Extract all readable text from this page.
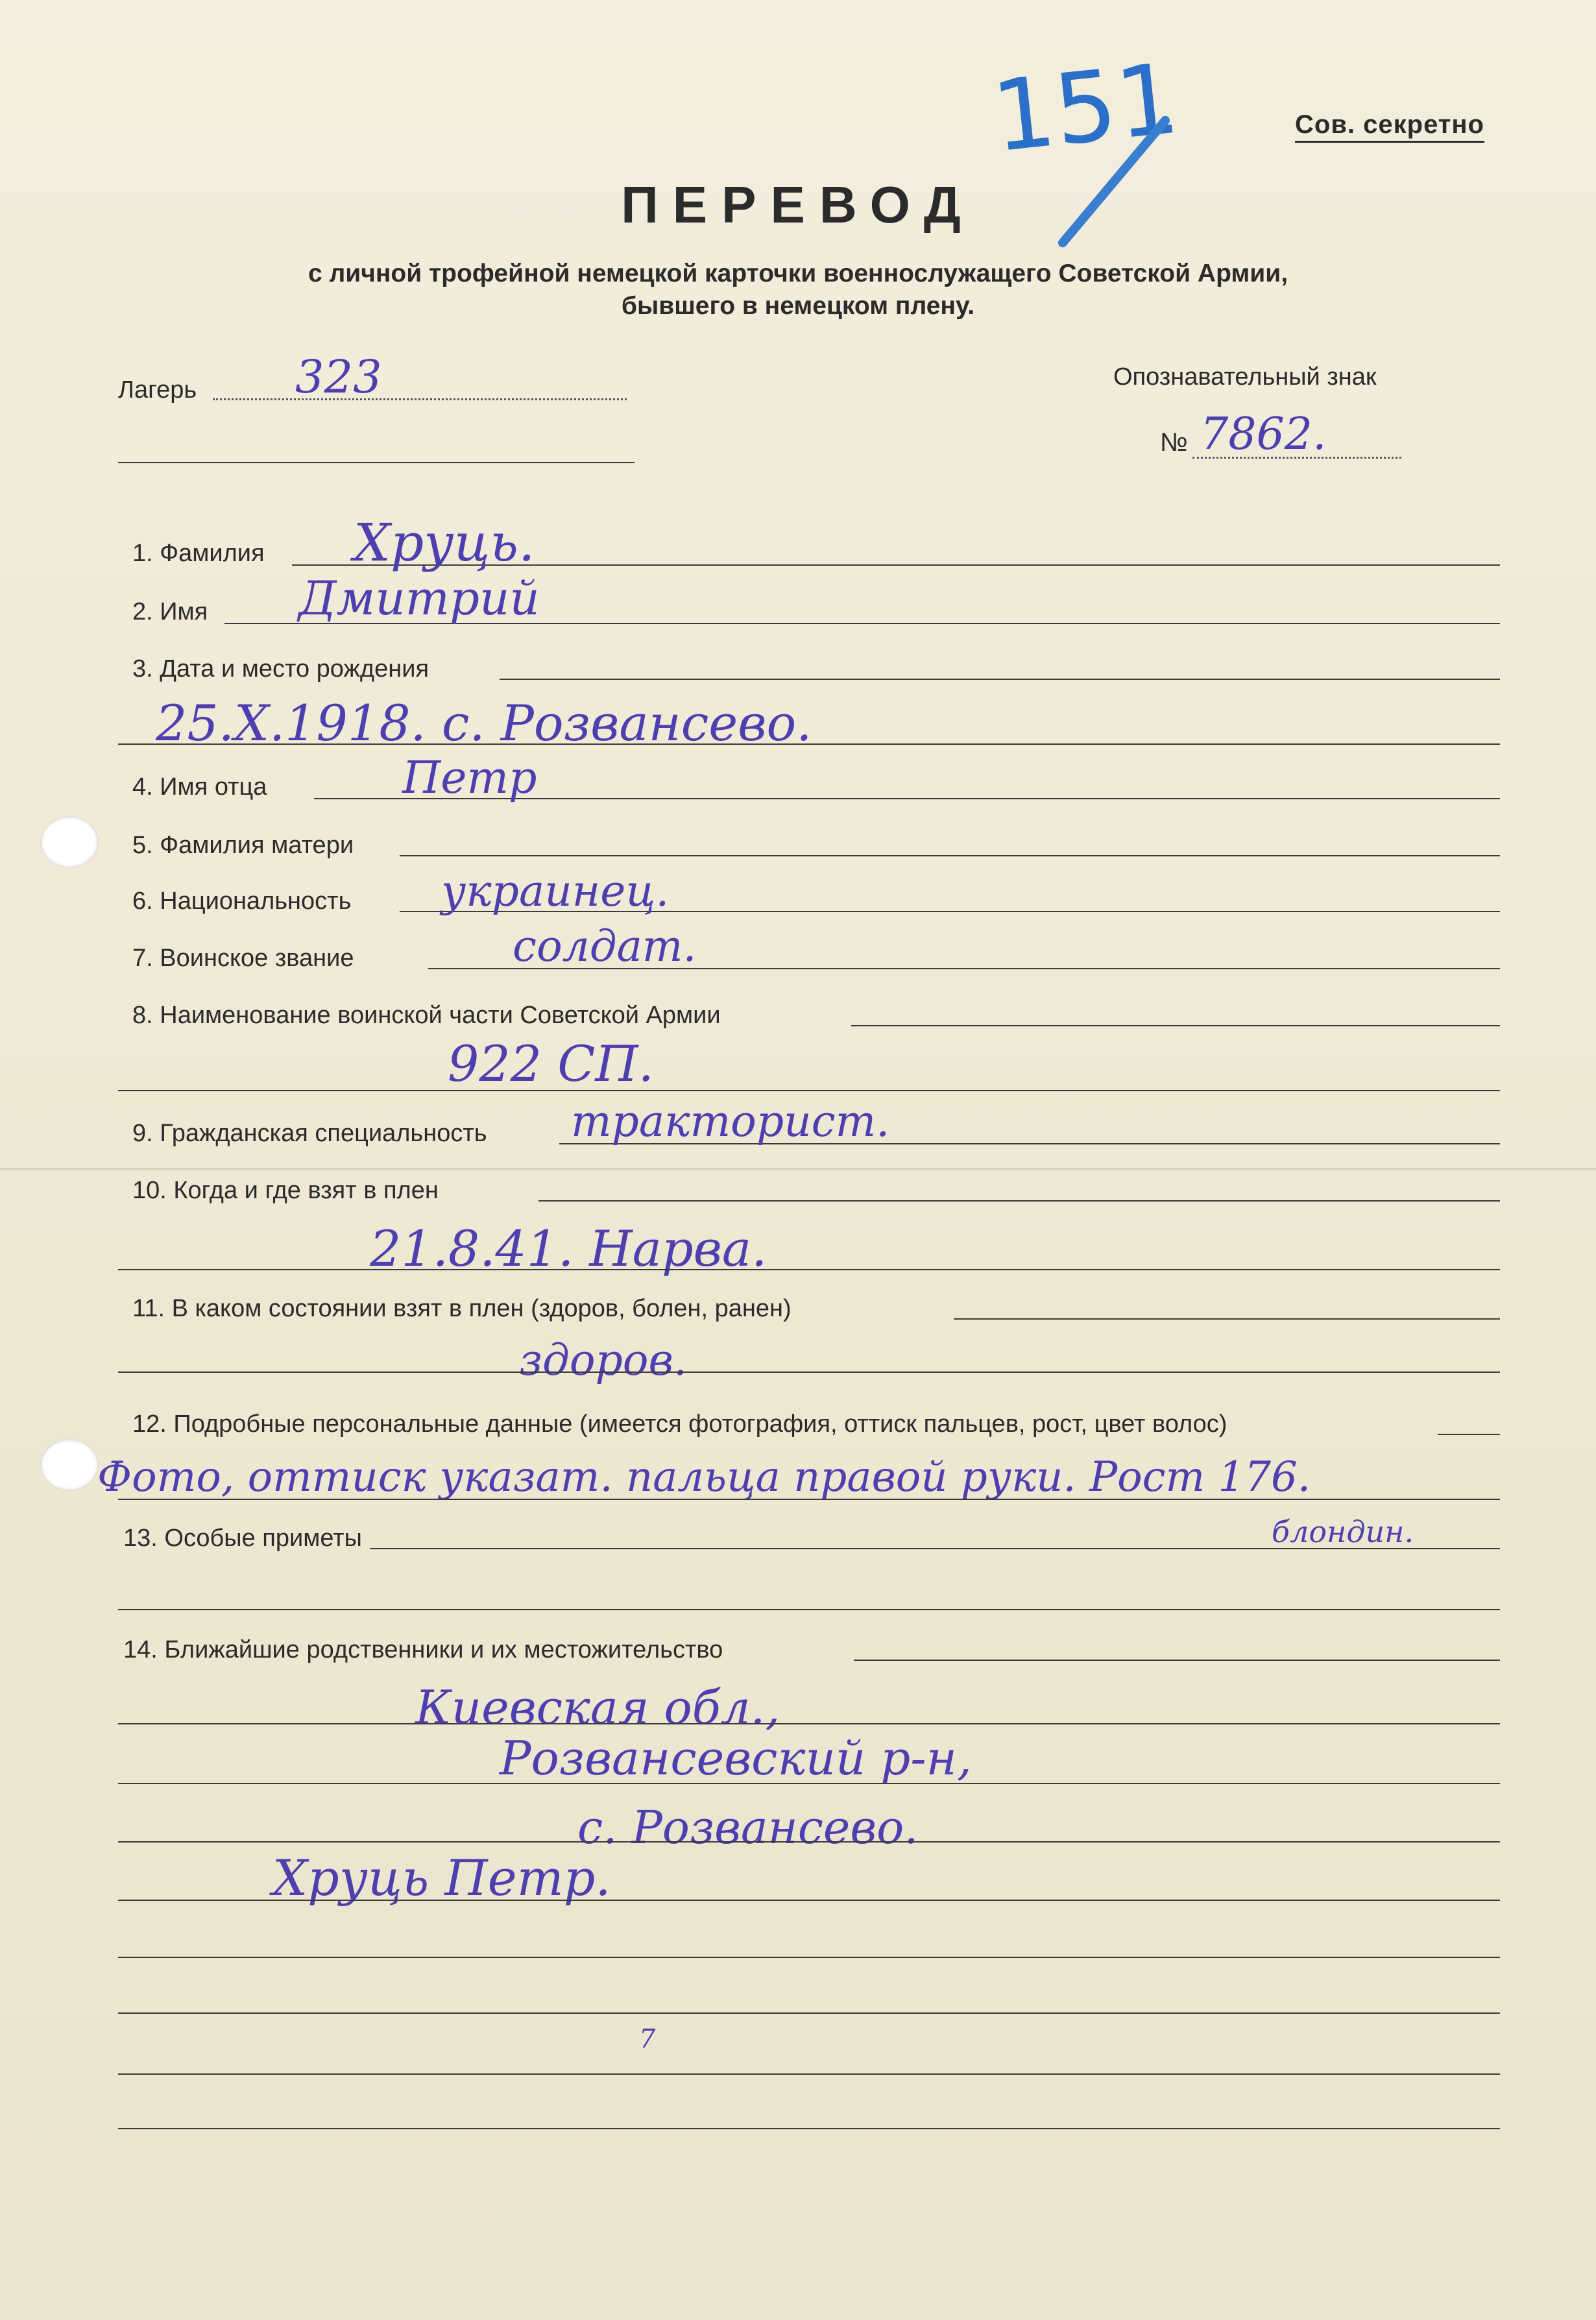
Сов. секретно
151
ПЕРЕВОД
с личной трофейной немецкой карточки военнослужащего Советской Армии,
бывшего в немецком плену.
Лагерь 323	Опознавательный знак
№ 7862.
1. Фамилия Хруць.
2. Имя Дмитрий
3. Дата и место рождения
25.X.1918. с. Розвансево.
4. Имя отца	Петр
5. Фамилия матери
6. Национальность украинец.
7. Воинское звание	солдат.
8. Наименование воинской части Советской Армии
922 СП.
9. Гражданская специальность тракторист.
10. Когда и где взят в плен
21.8.41. Нарва.
11. В каком состоянии взят в плен (здоров, болен, ранен)
здоров.
12. Подробные персональные данные (имеется фотография, оттиск пальцев, рост, цвет волос)
Фото, оттиск указат. пальца правой руки. Рост 176.
13. Особые приметы	блондин.
14. Ближайшие родственники и их местожительство
Киевская обл.,
Розвансевский р-н,
с. Розвансево.
Хруць Петр.
7
